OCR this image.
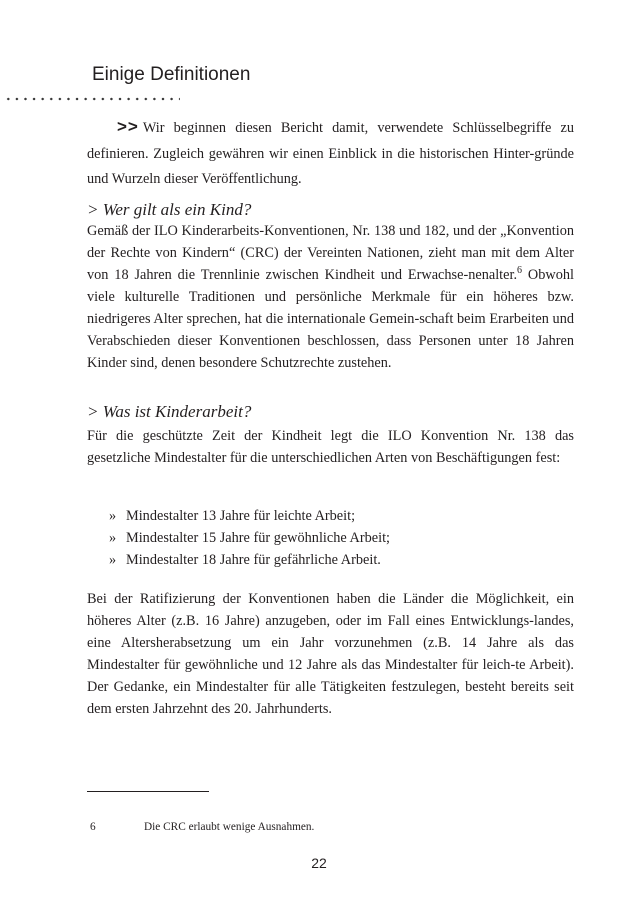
Einige Definitionen

>> Wir beginnen diesen Bericht damit, verwendete Schlüsselbegriffe zu definieren. Zugleich gewähren wir einen Einblick in die historischen Hinter-gründe und Wurzeln dieser Veröffentlichung.

> Wer gilt als ein Kind?

Gemäß der ILO Kinderarbeits-Konventionen, Nr. 138 und 182, und der „Konvention der Rechte von Kindern“ (CRC) der Vereinten Nationen, zieht man mit dem Alter von 18 Jahren die Trennlinie zwischen Kindheit und Erwachse-nenalter.$^6$ Obwohl viele kulturelle Traditionen und persönliche Merkmale für ein höheres bzw. niedrigeres Alter sprechen, hat die internationale Gemein-schaft beim Erarbeiten und Verabschieden dieser Konventionen beschlossen, dass Personen unter 18 Jahren Kinder sind, denen besondere Schutzrechte zustehen.

> Was ist Kinderarbeit?

Für die geschützte Zeit der Kindheit legt die ILO Konvention Nr. 138 das gesetzliche Mindestalter für die unterschiedlichen Arten von Beschäftigungen fest:

» Mindestalter 13 Jahre für leichte Arbeit;
» Mindestalter 15 Jahre für gewöhnliche Arbeit;
» Mindestalter 18 Jahre für gefährliche Arbeit.

Bei der Ratifizierung der Konventionen haben die Länder die Möglichkeit, ein höheres Alter (z.B. 16 Jahre) anzugeben, oder im Fall eines Entwicklungs-landes, eine Altersherabsetzung um ein Jahr vorzunehmen (z.B. 14 Jahre als das Mindestalter für gewöhnliche und 12 Jahre als das Mindestalter für leich-te Arbeit). Der Gedanke, ein Mindestalter für alle Tätigkeiten festzulegen, besteht bereits seit dem ersten Jahrzehnt des 20. Jahrhunderts.

6	Die CRC erlaubt wenige Ausnahmen.
22
